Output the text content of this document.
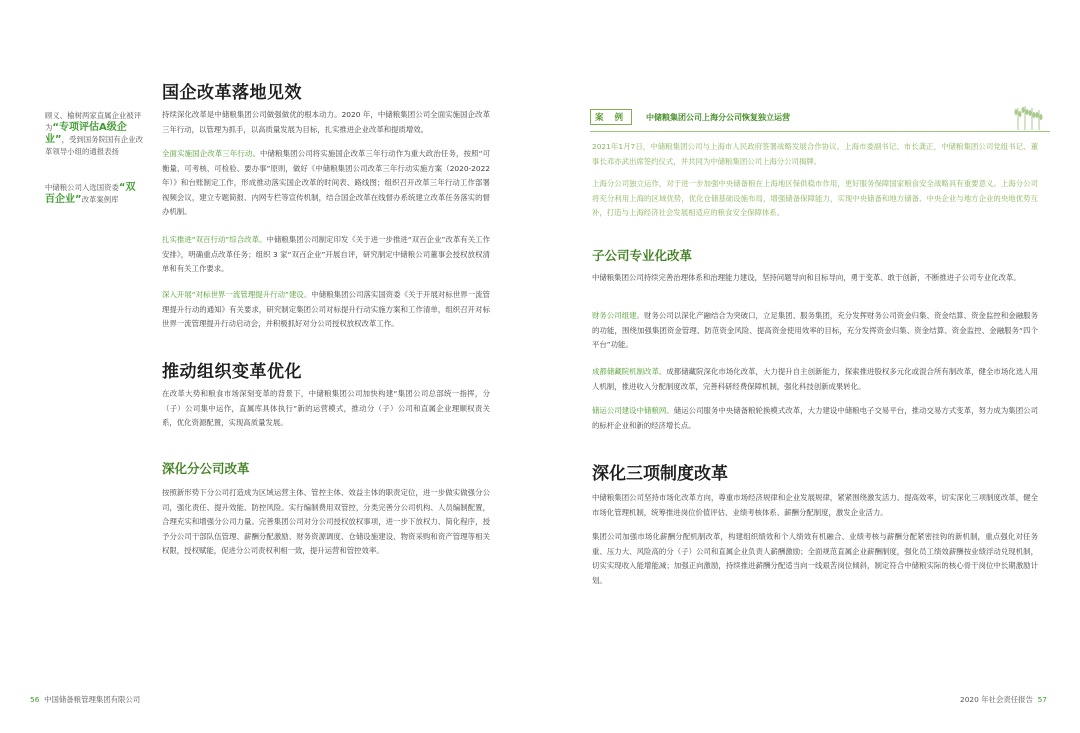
国企改革落地见效
顾义、榆树两家直属企业被评为“专项评估A级企业”，受到国务院国有企业改革领导小组的通报表扬
中储粮公司入选国资委“双百企业”改革案例库

持续深化改革是中储粮集团公司做强做优的根本动力。2020 年，中储粮集团公司全面实施国企改革三年行动，以管理为抓手，以高质量发展为目标，扎实推进企业改革和提质增效。

全面实施国企改革三年行动。中储粮集团公司将实施国企改革三年行动作为重大政治任务，按照“可衡量、可考核、可检验、要办事”原则，做好《中储粮集团公司改革三年行动实施方案（2020-2022 年）》和台账制定工作，形成推动落实国企改革的时间表、路线图；组织召开改革三年行动工作部署视频会议，建立专题简报、内网专栏等宣传机制，结合国企改革在线督办系统建立改革任务落实的督办机制。

扎实推进“双百行动”综合改革。中储粮集团公司制定印发《关于进一步推进“双百企业”改革有关工作安排》，明确重点改革任务；组织 3 家“双百企业”开展自评，研究制定中储粮公司董事会授权放权清单和有关工作要求。

深入开展“对标世界一流管理提升行动”建设。中储粮集团公司落实国资委《关于开展对标世界一流管理提升行动的通知》有关要求，研究制定集团公司对标提升行动实施方案和工作清单，组织召开对标世界一流管理提升行动启动会，并积极抓好对分公司授权放权改革工作。

推动组织变革优化

在改革大势和粮食市场深刻变革的背景下，中储粮集团公司加快构建“集团公司总部统一指挥，分（子）公司集中运作，直属库具体执行”新的运营模式，推动分（子）公司和直属企业理顺权责关系，优化资源配置，实现高质量发展。

深化分公司改革

按照新形势下分公司打造成为区域运营主体、管控主体、效益主体的职责定位，进一步做实做强分公司，强化责任、提升效能、防控风险。实行编制费用双管控，分类完善分公司机构、人员编制配置，合理充实和增强分公司力量。完善集团公司对分公司授权放权事项，进一步下放权力、简化程序，授予分公司干部队伍管理、薪酬分配激励、财务资源调度、仓储设施建设、物资采购和资产管理等相关权限，授权赋能，促进分公司责权利相一致，提升运营和管控效率。

56 中国储备粮管理集团有限公司
案 例	中储粮集团公司上海分公司恢复独立运营

2021年1月7日，中储粮集团公司与上海市人民政府签署战略发展合作协议。上海市委副书记、市长龚正，中储粮集团公司党组书记、董事长邓亦武出席签约仪式，并共同为中储粮集团公司上海分公司揭牌。

上海分公司独立运作，对于进一步加强中央储备粮在上海地区保供稳市作用，更好服务保障国家粮食安全战略具有重要意义。上海分公司将充分利用上海的区域优势，优化仓储基础设施布局，增强储备保障能力，实现中央储备和地方储备、中央企业与地方企业的央地优势互补，打造与上海经济社会发展相适应的粮食安全保障体系。

子公司专业化改革

中储粮集团公司持续完善治理体系和治理能力建设，坚持问题导向和目标导向，勇于变革、敢于创新，不断推进子公司专业化改革。

财务公司组建。财务公司以深化产融结合为突破口，立足集团、服务集团，充分发挥财务公司资金归集、资金结算、资金监控和金融服务的功能，围绕加强集团资金管理、防范资金风险、提高资金使用效率的目标，充分发挥资金归集、资金结算、资金监控、金融服务“四个平台”功能。

成都储藏院机制改革。成都储藏院深化市场化改革，大力提升自主创新能力，探索推进股权多元化或混合所有制改革，健全市场化选人用人机制，推进收入分配制度改革，完善科研经费保障机制，强化科技创新成果转化。

储运公司建设中储粮网。储运公司服务中央储备粮轮换模式改革，大力建设中储粮电子交易平台，推动交易方式变革，努力成为集团公司的标杆企业和新的经济增长点。

深化三项制度改革

中储粮集团公司坚持市场化改革方向，尊重市场经济规律和企业发展规律，紧紧围绕激发活力、提高效率，切实深化三项制度改革，健全市场化管理机制，统筹推进岗位价值评估、业绩考核体系、薪酬分配制度，激发企业活力。

集团公司加强市场化薪酬分配机制改革，构建组织绩效和个人绩效有机融合、业绩考核与薪酬分配紧密挂钩的新机制，重点强化对任务重、压力大、风险高的分（子）公司和直属企业负责人薪酬激励；全面规范直属企业薪酬制度，强化员工绩效薪酬按业绩浮动兑现机制，切实实现收入能增能减；加强正向激励，持续推进薪酬分配适当向一线艰苦岗位倾斜，制定符合中储粮实际的核心骨干岗位中长期激励计划。

2020 年社会责任报告 57
